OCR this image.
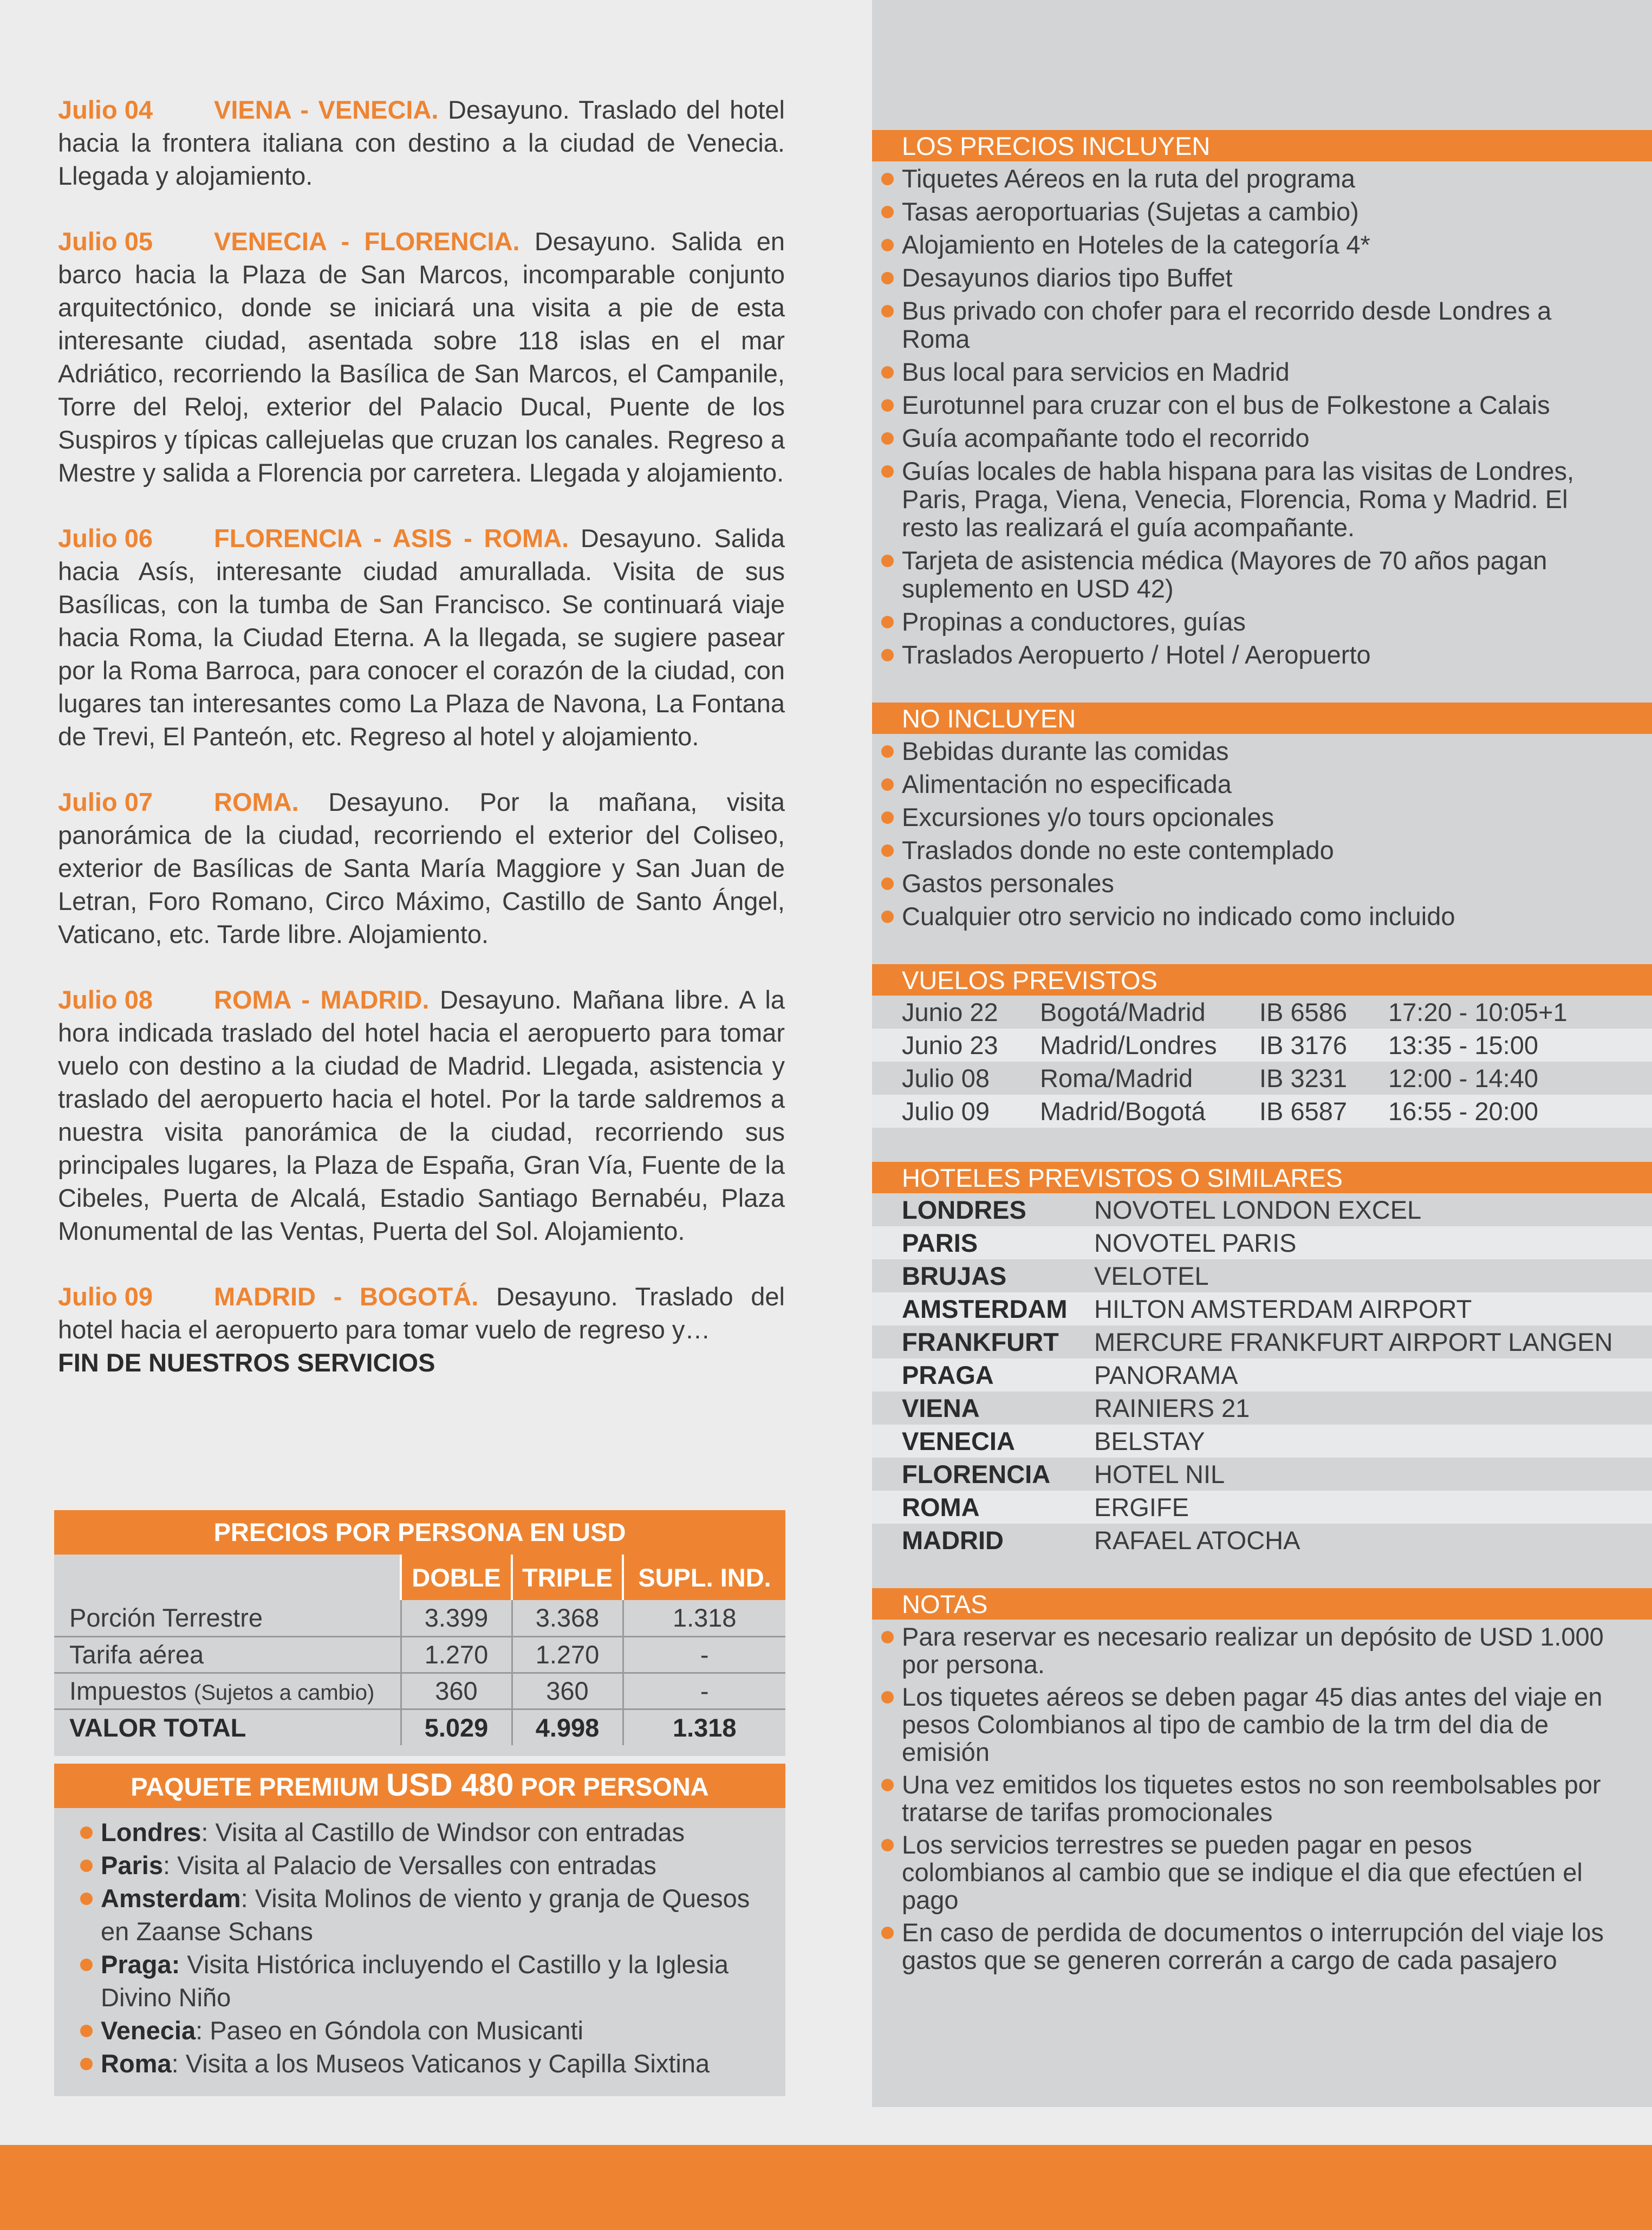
Julio 04 VIENA - VENECIA. Desayuno. Traslado del hotel hacia la frontera italiana con destino a la ciudad de Venecia. Llegada y alojamiento.

Julio 05 VENECIA - FLORENCIA. Desayuno. Salida en barco hacia la Plaza de San Marcos, incomparable conjunto arquitectónico, donde se iniciará una visita a pie de esta interesante ciudad, asentada sobre 118 islas en el mar Adriático, recorriendo la Basílica de San Marcos, el Campanile, Torre del Reloj, exterior del Palacio Ducal, Puente de los Suspiros y típicas callejuelas que cruzan los canales. Regreso a Mestre y salida a Florencia por carretera. Llegada y alojamiento.

Julio 06 FLORENCIA - ASIS - ROMA. Desayuno. Salida hacia Asís, interesante ciudad amurallada. Visita de sus Basílicas, con la tumba de San Francisco. Se continuará viaje hacia Roma, la Ciudad Eterna. A la llegada, se sugiere pasear por la Roma Barroca, para conocer el corazón de la ciudad, con lugares tan interesantes como La Plaza de Navona, La Fontana de Trevi, El Panteón, etc. Regreso al hotel y alojamiento.

Julio 07 ROMA. Desayuno. Por la mañana, visita panorámica de la ciudad, recorriendo el exterior del Coliseo, exterior de Basílicas de Santa María Maggiore y San Juan de Letran, Foro Romano, Circo Máximo, Castillo de Santo Ángel, Vaticano, etc. Tarde libre. Alojamiento.

Julio 08 ROMA - MADRID. Desayuno. Mañana libre. A la hora indicada traslado del hotel hacia el aeropuerto para tomar vuelo con destino a la ciudad de Madrid. Llegada, asistencia y traslado del aeropuerto hacia el hotel. Por la tarde saldremos a nuestra visita panorámica de la ciudad, recorriendo sus principales lugares, la Plaza de España, Gran Vía, Fuente de la Cibeles, Puerta de Alcalá, Estadio Santiago Bernabéu, Plaza Monumental de las Ventas, Puerta del Sol. Alojamiento.

Julio 09 MADRID - BOGOTÁ. Desayuno. Traslado del hotel hacia el aeropuerto para tomar vuelo de regreso y…
FIN DE NUESTROS SERVICIOS

PRECIOS POR PERSONA EN USD
	DOBLE	TRIPLE	SUPL. IND.
Porción Terrestre	3.399	3.368	1.318
Tarifa aérea	1.270	1.270	-
Impuestos (Sujetos a cambio)	360	360	-
VALOR TOTAL	5.029	4.998	1.318
PAQUETE PREMIUM USD 480 POR PERSONA
Londres: Visita al Castillo de Windsor con entradas
Paris: Visita al Palacio de Versalles con entradas
Amsterdam: Visita Molinos de viento y granja de Quesos en Zaanse Schans
Praga: Visita Histórica incluyendo el Castillo y la Iglesia Divino Niño
Venecia: Paseo en Góndola con Musicanti
Roma: Visita a los Museos Vaticanos y Capilla Sixtina
LOS PRECIOS INCLUYEN
Tiquetes Aéreos en la ruta del programa
Tasas aeroportuarias (Sujetas a cambio)
Alojamiento en Hoteles de la categoría 4*
Desayunos diarios tipo Buffet
Bus privado con chofer para el recorrido desde Londres a Roma
Bus local para servicios en Madrid
Eurotunnel para cruzar con el bus de Folkestone a Calais
Guía acompañante todo el recorrido
Guías locales de habla hispana para las visitas de Londres, Paris, Praga, Viena, Venecia, Florencia, Roma y Madrid. El resto las realizará el guía acompañante.
Tarjeta de asistencia médica (Mayores de 70 años pagan suplemento en USD 42)
Propinas a conductores, guías
Traslados Aeropuerto / Hotel / Aeropuerto
NO INCLUYEN
Bebidas durante las comidas
Alimentación no especificada
Excursiones y/o tours opcionales
Traslados donde no este contemplado
Gastos personales
Cualquier otro servicio no indicado como incluido
VUELOS PREVISTOS
Junio 22	Bogotá/Madrid	IB 6586	17:20 - 10:05+1
Junio 23	Madrid/Londres	IB 3176	13:35 - 15:00
Julio 08	Roma/Madrid	IB 3231	12:00 - 14:40
Julio 09	Madrid/Bogotá	IB 6587	16:55 - 20:00
HOTELES PREVISTOS O SIMILARES
LONDRES	NOVOTEL LONDON EXCEL
PARIS	NOVOTEL PARIS
BRUJAS	VELOTEL
AMSTERDAM	HILTON AMSTERDAM AIRPORT
FRANKFURT	MERCURE FRANKFURT AIRPORT LANGEN
PRAGA	PANORAMA
VIENA	RAINIERS 21
VENECIA	BELSTAY
FLORENCIA	HOTEL NIL
ROMA	ERGIFE
MADRID	RAFAEL ATOCHA
NOTAS
Para reservar es necesario realizar un depósito de USD 1.000 por persona.
Los tiquetes aéreos se deben pagar 45 dias antes del viaje en pesos Colombianos al tipo de cambio de la trm del dia de emisión
Una vez emitidos los tiquetes estos no son reembolsables por tratarse de tarifas promocionales
Los servicios terrestres se pueden pagar en pesos colombianos al cambio que se indique el dia que efectúen el pago
En caso de perdida de documentos o interrupción del viaje los gastos que se generen correrán a cargo de cada pasajero
